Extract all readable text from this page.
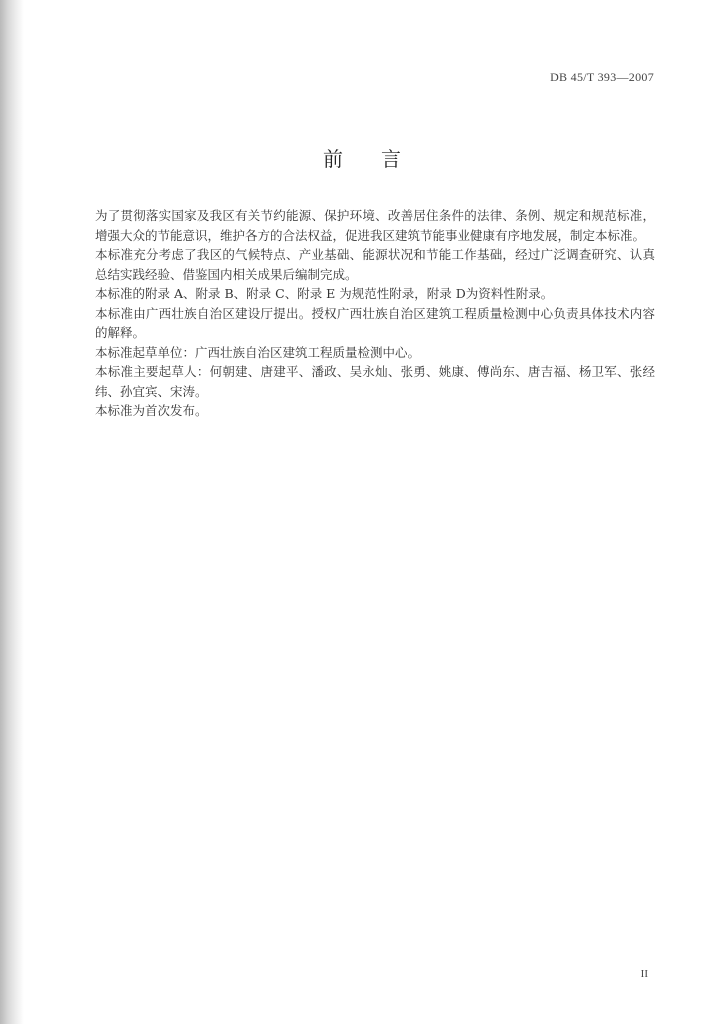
DB 45/T 393—2007
前言

为了贯彻落实国家及我区有关节约能源、保护环境、改善居住条件的法律、条例、规定和规范标准，增强大众的节能意识，维护各方的合法权益，促进我区建筑节能事业健康有序地发展，制定本标准。

本标准充分考虑了我区的气候特点、产业基础、能源状况和节能工作基础，经过广泛调查研究、认真总结实践经验、借鉴国内相关成果后编制完成。

本标准的附录 A、附录 B、附录 C、附录 E 为规范性附录，附录 D为资料性附录。

本标准由广西壮族自治区建设厅提出。授权广西壮族自治区建筑工程质量检测中心负责具体技术内容的解释。

本标准起草单位：广西壮族自治区建筑工程质量检测中心。

本标准主要起草人：何朝建、唐建平、潘政、吴永灿、张勇、姚康、傅尚东、唐吉福、杨卫军、张经纬、孙宜宾、宋涛。

本标准为首次发布。

II
